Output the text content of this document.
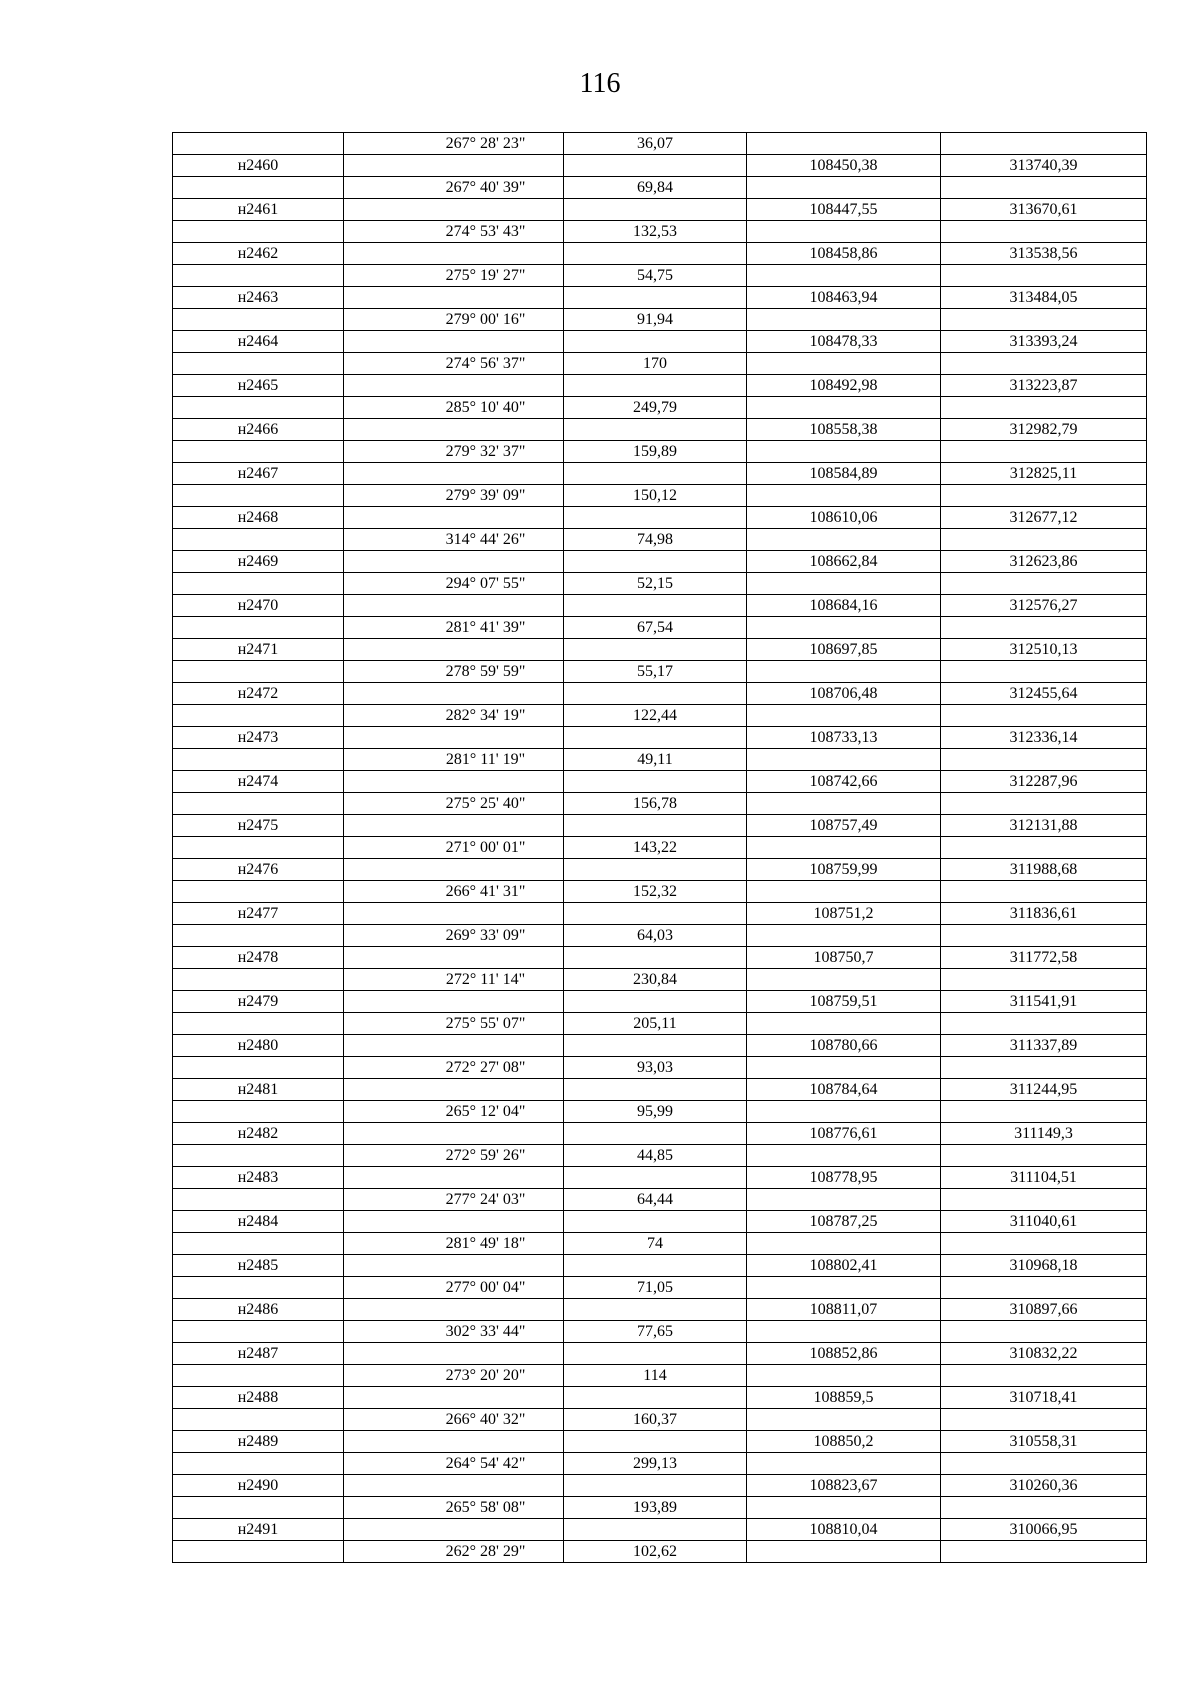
116
	267° 28' 23"	36,07		
н2460			108450,38	313740,39
	267° 40' 39"	69,84		
н2461			108447,55	313670,61
	274° 53' 43"	132,53		
н2462			108458,86	313538,56
	275° 19' 27"	54,75		
н2463			108463,94	313484,05
	279° 00' 16"	91,94		
н2464			108478,33	313393,24
	274° 56' 37"	170		
н2465			108492,98	313223,87
	285° 10' 40"	249,79		
н2466			108558,38	312982,79
	279° 32' 37"	159,89		
н2467			108584,89	312825,11
	279° 39' 09"	150,12		
н2468			108610,06	312677,12
	314° 44' 26"	74,98		
н2469			108662,84	312623,86
	294° 07' 55"	52,15		
н2470			108684,16	312576,27
	281° 41' 39"	67,54		
н2471			108697,85	312510,13
	278° 59' 59"	55,17		
н2472			108706,48	312455,64
	282° 34' 19"	122,44		
н2473			108733,13	312336,14
	281° 11' 19"	49,11		
н2474			108742,66	312287,96
	275° 25' 40"	156,78		
н2475			108757,49	312131,88
	271° 00' 01"	143,22		
н2476			108759,99	311988,68
	266° 41' 31"	152,32		
н2477			108751,2	311836,61
	269° 33' 09"	64,03		
н2478			108750,7	311772,58
	272° 11' 14"	230,84		
н2479			108759,51	311541,91
	275° 55' 07"	205,11		
н2480			108780,66	311337,89
	272° 27' 08"	93,03		
н2481			108784,64	311244,95
	265° 12' 04"	95,99		
н2482			108776,61	311149,3
	272° 59' 26"	44,85		
н2483			108778,95	311104,51
	277° 24' 03"	64,44		
н2484			108787,25	311040,61
	281° 49' 18"	74		
н2485			108802,41	310968,18
	277° 00' 04"	71,05		
н2486			108811,07	310897,66
	302° 33' 44"	77,65		
н2487			108852,86	310832,22
	273° 20' 20"	114		
н2488			108859,5	310718,41
	266° 40' 32"	160,37		
н2489			108850,2	310558,31
	264° 54' 42"	299,13		
н2490			108823,67	310260,36
	265° 58' 08"	193,89		
н2491			108810,04	310066,95
	262° 28' 29"	102,62		
